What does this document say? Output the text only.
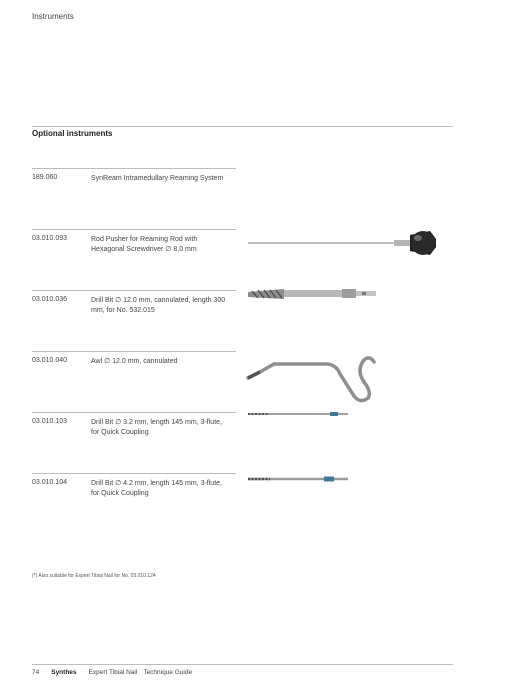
Instruments
Optional instruments
189.060	SynReam Intramedullary Reaming System
03.010.093	Rod Pusher for Reaming Rod with Hexagonal Screwdriver ∅ 8.0 mm
03.010.036	Drill Bit ∅ 12.0 mm, cannulated, length 300 mm, for No. 532.015
03.010.040	Awl ∅ 12.0 mm, cannulated
03.010.103	Drill Bit ∅ 3.2 mm, length 145 mm, 3-flute, for Quick Coupling
03.010.104	Drill Bit ∅ 4.2 mm, length 145 mm, 3-flute, for Quick Coupling
(*) Also suitable for Expert Tibial Nail for No. 03.010.124
74 Synthes Expert Tibial Nail Technique Guide
